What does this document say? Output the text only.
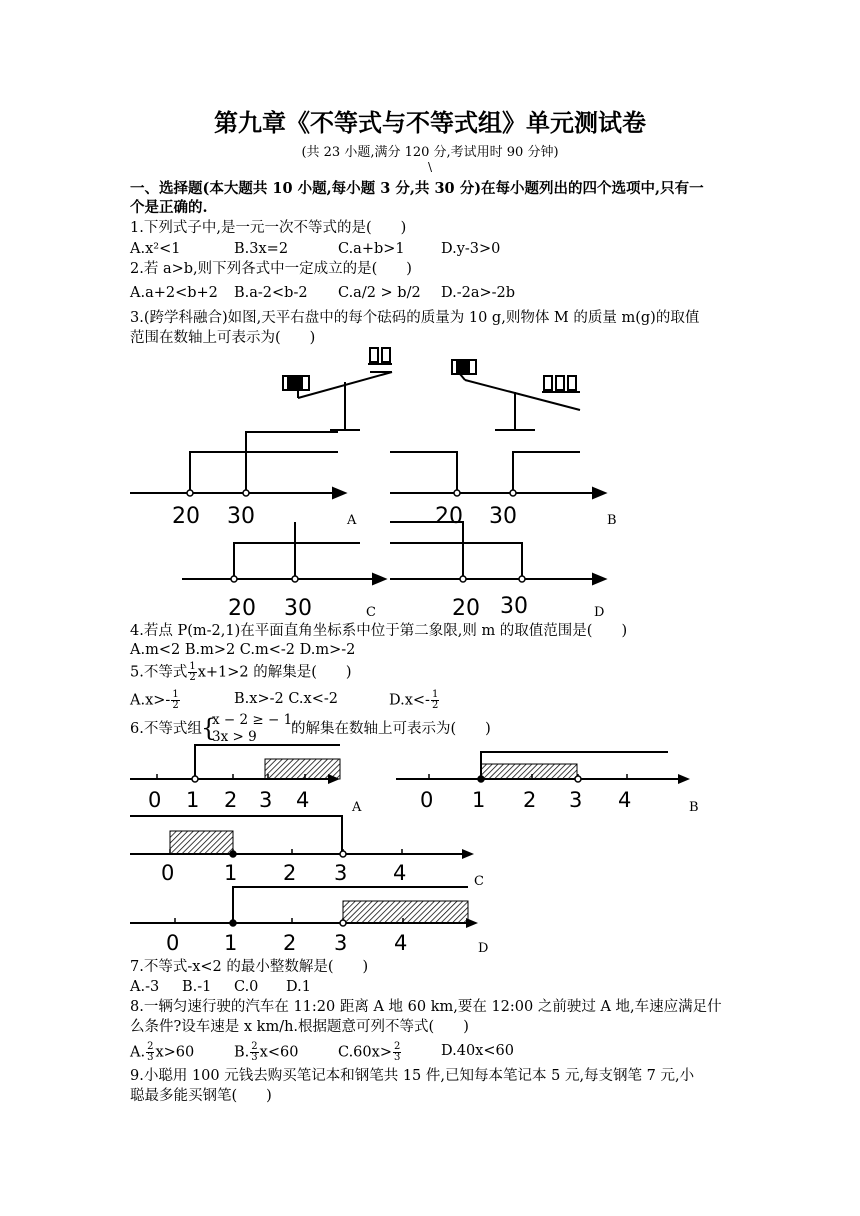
第九章《不等式与不等式组》单元测试卷
(共 23 小题,满分 120 分,考试用时 90 分钟)
\
一、选择题(本大题共 10 小题,每小题 3 分,共 30 分)在每小题列出的四个选项中,只有一
个是正确的.
1.下列式子中,是一元一次不等式的是(　　)
A.x²<1	B.3x=2	C.a+b>1	D.y-3>0
2.若 a>b,则下列各式中一定成立的是(　　)
A.a+2<b+2 B.a-2<b-2 C.a/2 > b/2 D.-2a>-2b
3.(跨学科融合)如图,天平右盘中的每个砝码的质量为 10 g,则物体 M 的质量 m(g)的取值
范围在数轴上可表示为(　　)
20 30	A	20 30	B
20 30	C	20 30	D
4.若点 P(m-2,1)在平面直角坐标系中位于第二象限,则 m 的取值范围是(　　)
A.m<2 B.m>2 C.m<-2 D.m>-2
5.不等式 $\frac{1}{2} x+1>2$ 的解集是(　　)
$A.x>- \frac{1}{2}$	B.x>-2 C.x<-2	$D.x<- \frac{1}{2}$
6.不等式组 {
x − 2 ≥ − 1,
3x > 9 的解集在数轴上可表示为(　　)
0 1 2 3 4	0 1 2 3 4
0 1 2 3 4
0 1 2 3 4
A	B
C
D
7.不等式-x<2 的最小整数解是(　　)
A.-3 B.-1 C.0 D.1
8.一辆匀速行驶的汽车在 11:20 距离 A 地 60 km,要在 12:00 之前驶过 A 地,车速应满足什
么条件?设车速是 x km/h.根据题意可列不等式(　　)
A. $\frac{2}{3} x>60$	B. $\frac{2}{3} x<60$	$C.60x> \frac{2}{3}$	D.40x<60
9.小聪用 100 元钱去购买笔记本和钢笔共 15 件,已知每本笔记本 5 元,每支钢笔 7 元,小
聪最多能买钢笔(　　)
